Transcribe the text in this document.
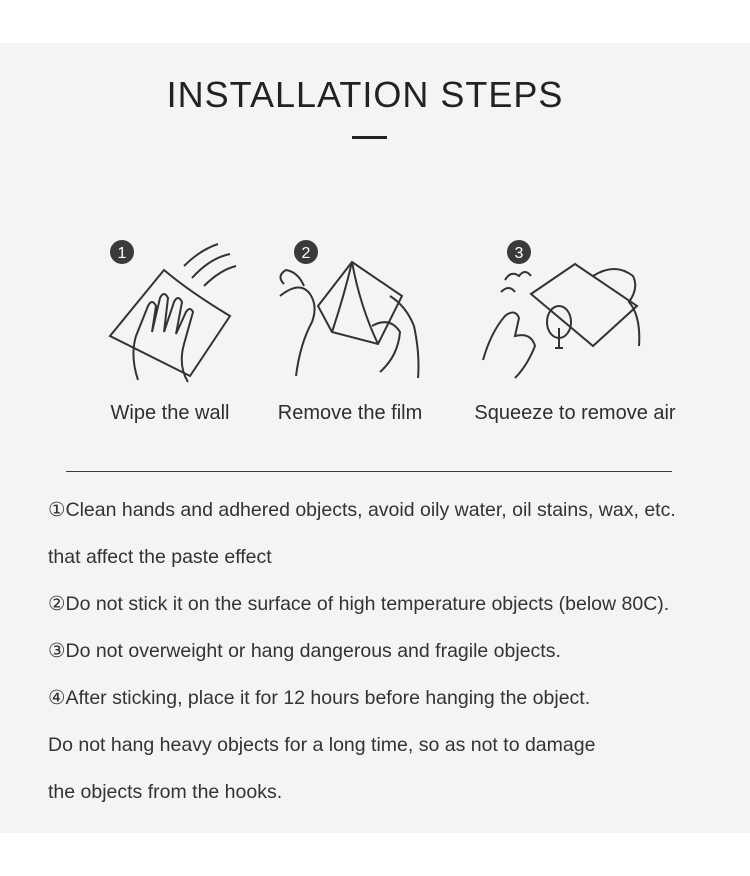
INSTALLATION STEPS
1
Wipe the wall
2
Remove the film
3
Squeeze to remove air
①Clean hands and adhered objects, avoid oily water, oil stains, wax, etc.
that affect the paste effect
②Do not stick it on the surface of high temperature objects (below 80C).
③Do not overweight or hang dangerous and fragile objects.
④After sticking, place it for 12 hours before hanging the object.
Do not hang heavy objects for a long time, so as not to damage
the objects from the hooks.
